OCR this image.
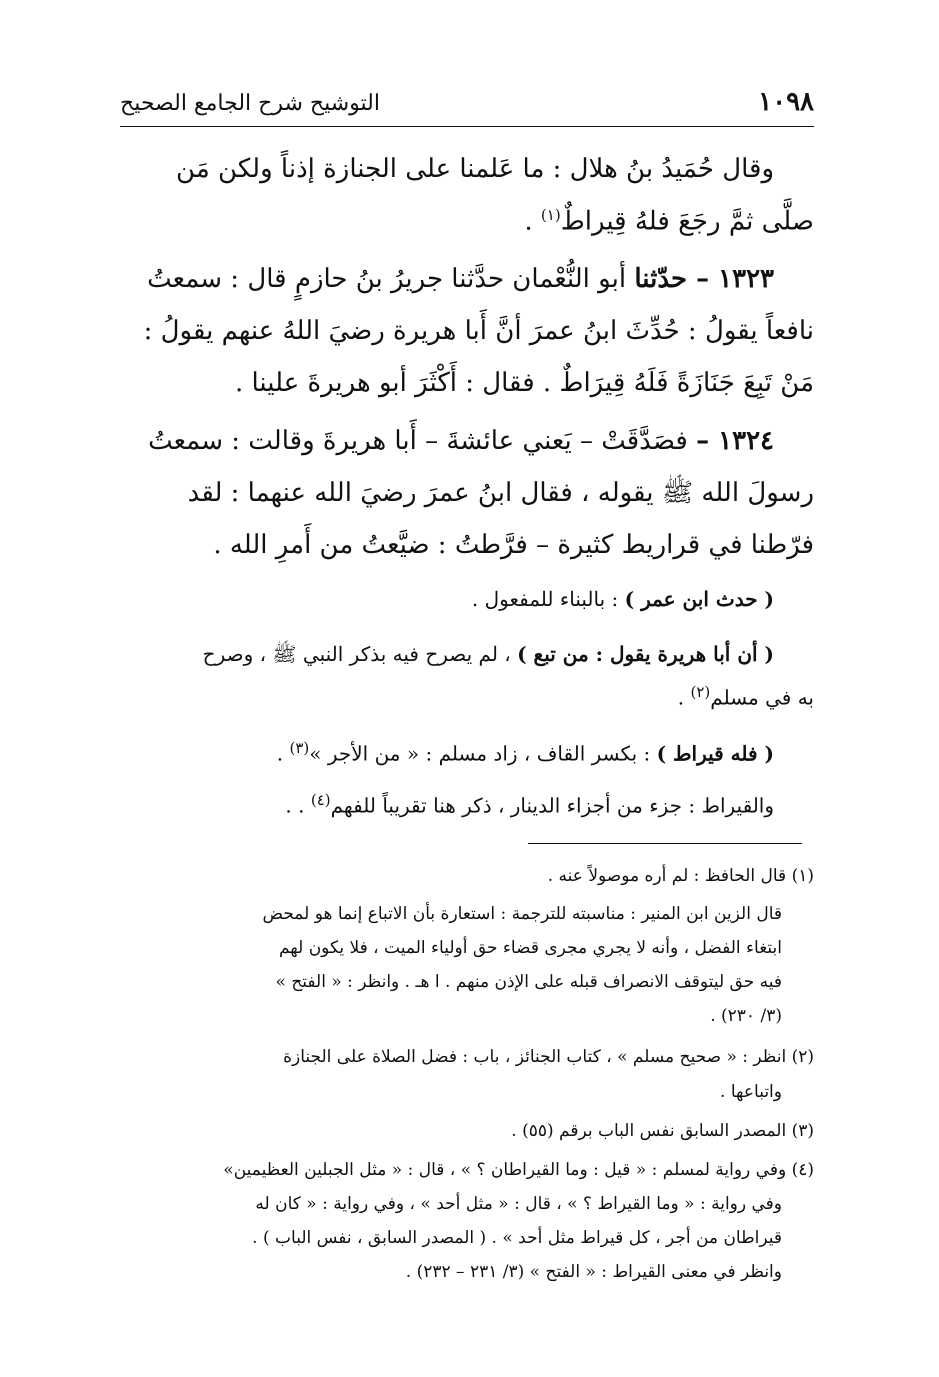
١٠٩٨
التوشيح شرح الجامع الصحيح
وقال حُمَيدُ بنُ هلال : ما عَلمنا على الجنازة إذناً ولكن مَن
صلَّى ثمَّ رجَعَ فلهُ قِيراطٌ$^{(١)}$ .
١٣٢٣ – حدّثنا أبو النُّعْمان حدَّثنا جريرُ بنُ حازمٍ قال : سمعتُ
نافعاً يقولُ : حُدِّثَ ابنُ عمرَ أنَّ أَبا هريرة رضيَ اللهُ عنهم يقولُ :
مَنْ تَبِعَ جَنَازَةً فَلَهُ قِيرَاطٌ . فقال : أَكْثَرَ أبو هريرةَ علينا .
١٣٢٤ – فصَدَّقَتْ – يَعني عائشةَ – أَبا هريرةَ وقالت : سمعتُ
رسولَ الله ﷺ يقوله ، فقال ابنُ عمرَ رضيَ الله عنهما : لقد
فرّطنا في قراريط كثيرة – فرَّطتُ : ضيَّعتُ من أَمرِ الله .
( حدث ابن عمر ) : بالبناء للمفعول .
( أن أبا هريرة يقول : من تبع ) ، لم يصرح فيه بذكر النبي ﷺ ، وصرح
به في مسلم$^{(٢)}$ .
( فله قيراط ) : بكسر القاف ، زاد مسلم : « من الأجر »$^{(٣)}$ .
والقيراط : جزء من أجزاء الدينار ، ذكر هنا تقريباً للفهم$^{(٤)}$ . .
(١) قال الحافظ : لم أره موصولاً عنه .
قال الزين ابن المنير : مناسبته للترجمة : استعارة بأن الاتباع إنما هو لمحض
ابتغاء الفضل ، وأنه لا يجري مجرى قضاء حق أولياء الميت ، فلا يكون لهم
فيه حق ليتوقف الانصراف قبله على الإذن منهم . ا هـ . وانظر : « الفتح »
(٣/ ٢٣٠) .
(٢) انظر : « صحيح مسلم » ، كتاب الجنائز ، باب : فضل الصلاة على الجنازة
واتباعها .
(٣) المصدر السابق نفس الباب برقم (٥٥) .
(٤) وفي رواية لمسلم : « قيل : وما القيراطان ؟ » ، قال : « مثل الجبلين العظيمين»
وفي رواية : « وما القيراط ؟ » ، قال : « مثل أحد » ، وفي رواية : « كان له
قيراطان من أجر ، كل قيراط مثل أحد » . ( المصدر السابق ، نفس الباب ) .
وانظر في معنى القيراط : « الفتح » (٣/ ٢٣١ – ٢٣٢) .
